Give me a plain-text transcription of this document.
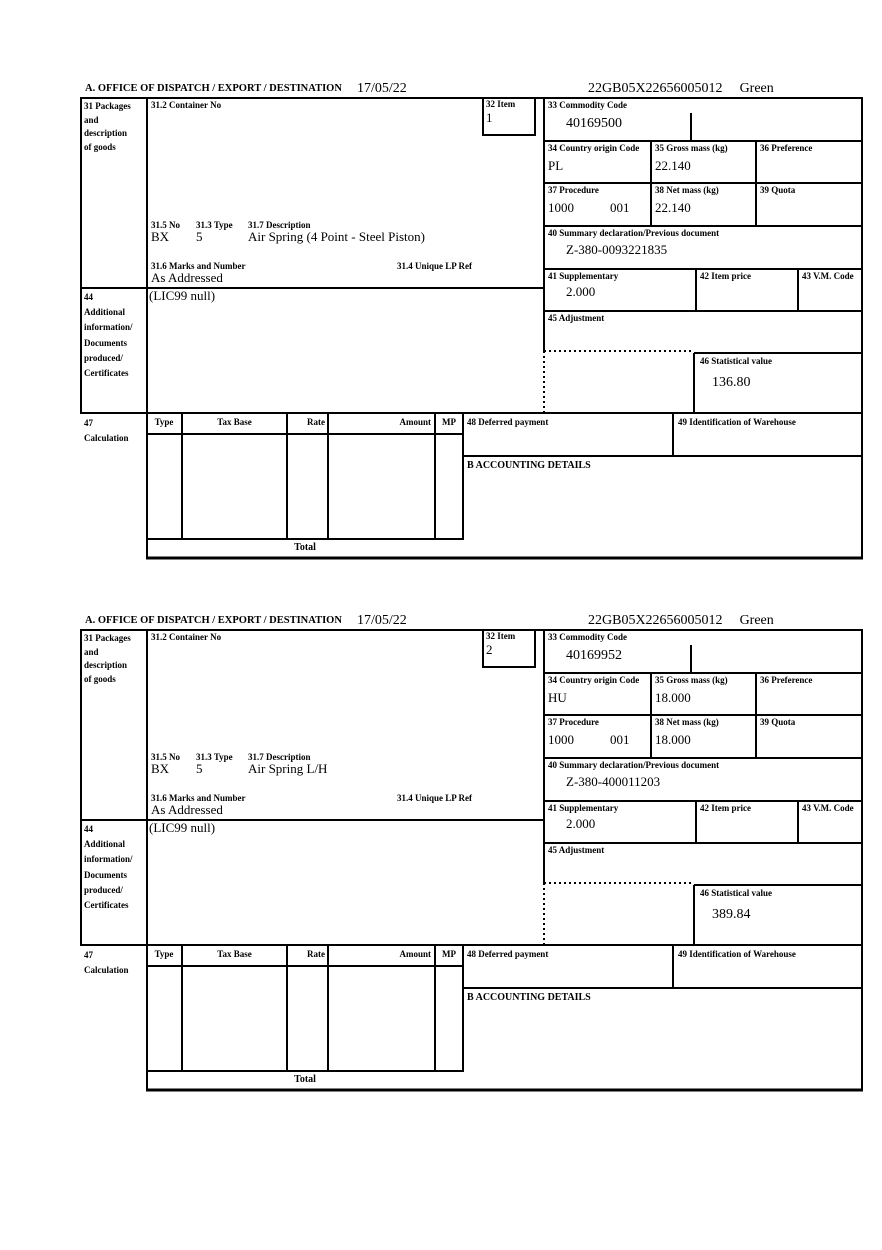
A. OFFICE OF DISPATCH / EXPORT / DESTINATION 17/05/22	22GB05X22656005012 Green
31 Packages
and
description
of goods
44
Additional
information/
Documents
produced/
Certificates
47
Calculation
31.2 Container No
31.5 No 31.3 Type 31.7 Description
BX 5	Air Spring (4 Point - Steel Piston)
31.6 Marks and Number	31.4 Unique LP Ref
As Addressed
(LIC99 null)
32 Item
1
33 Commodity Code
40169500
34 Country origin Code
PL
35 Gross mass (kg)
22.140
36 Preference
37 Procedure
1000	001
38 Net mass (kg)
22.140
39 Quota
40 Summary declaration/Previous document
Z-380-0093221835
41 Supplementary
2.000
42 Item price	43 V.M. Code
45 Adjustment
46 Statistical value
136.80
Type	Tax Base	Rate	Amount	MP	48 Deferred payment	49 Identification of Warehouse
B ACCOUNTING DETAILS
Total
A. OFFICE OF DISPATCH / EXPORT / DESTINATION 17/05/22	22GB05X22656005012 Green
31 Packages
and
description
of goods
44
Additional
information/
Documents
produced/
Certificates
47
Calculation
31.2 Container No
31.5 No 31.3 Type 31.7 Description
BX 5	Air Spring L/H
31.6 Marks and Number	31.4 Unique LP Ref
As Addressed
(LIC99 null)
32 Item
2
33 Commodity Code
40169952
34 Country origin Code
HU
35 Gross mass (kg)
18.000
36 Preference
37 Procedure
1000	001
38 Net mass (kg)
18.000
39 Quota
40 Summary declaration/Previous document
Z-380-400011203
41 Supplementary
2.000
42 Item price	43 V.M. Code
45 Adjustment
46 Statistical value
389.84
Type	Tax Base	Rate	Amount	MP	48 Deferred payment	49 Identification of Warehouse
B ACCOUNTING DETAILS
Total
